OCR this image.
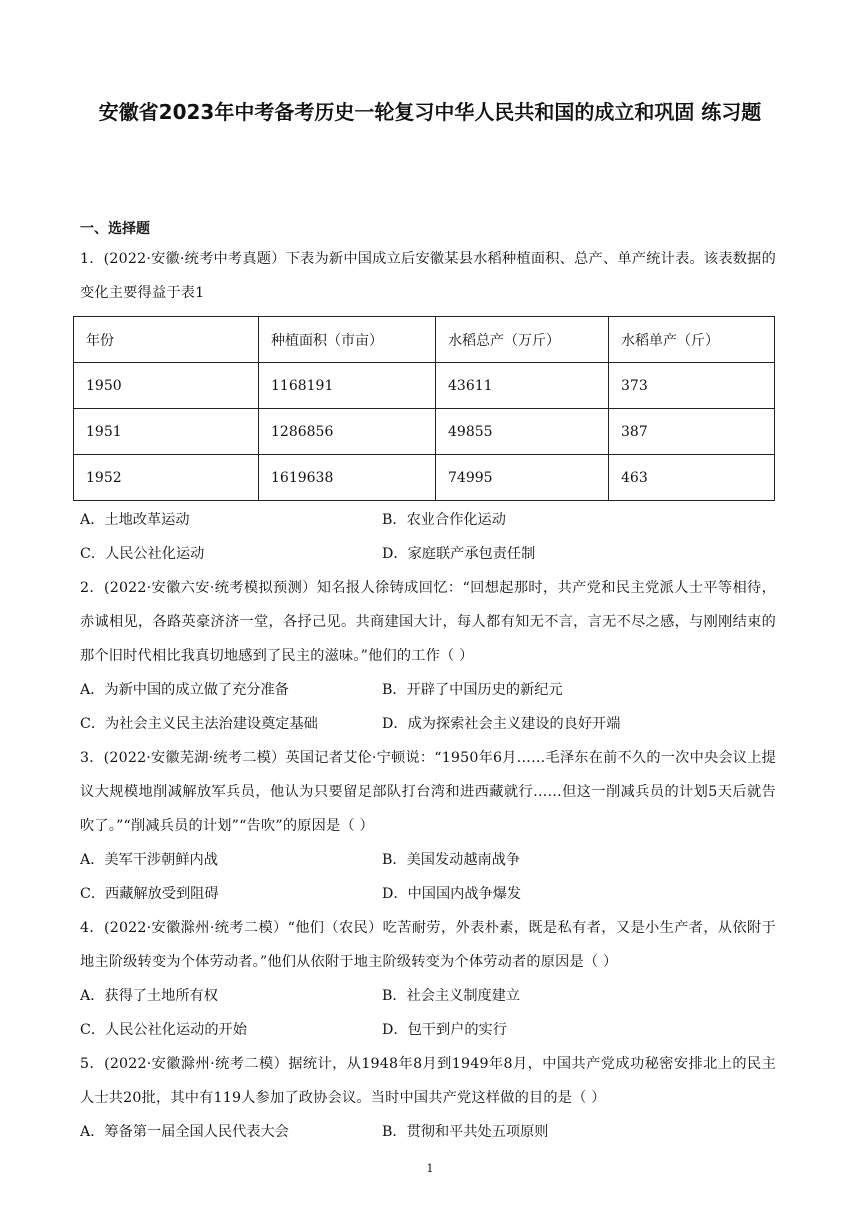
安徽省2023年中考备考历史一轮复习中华人民共和国的成立和巩固 练习题
一、选择题

1．(2022·安徽·统考中考真题）下表为新中国成立后安徽某县水稻种植面积、总产、单产统计表。该表数据的变化主要得益于表1

年份	种植面积（市亩）	水稻总产（万斤）	水稻单产（斤）
1950	1168191	43611	373
1951	1286856	49855	387
1952	1619638	74995	463
A．土地改革运动	B．农业合作化运动
C．人民公社化运动	D．家庭联产承包责任制

2．(2022·安徽六安·统考模拟预测）知名报人徐铸成回忆：“回想起那时，共产党和民主党派人士平等相待，赤诚相见，各路英豪济济一堂，各抒己见。共商建国大计，每人都有知无不言，言无不尽之感，与刚刚结束的那个旧时代相比我真切地感到了民主的滋味。”他们的工作（ ）

A．为新中国的成立做了充分准备	B．开辟了中国历史的新纪元
C．为社会主义民主法治建设奠定基础	D．成为探索社会主义建设的良好开端

3．(2022·安徽芜湖·统考二模）英国记者艾伦·宁顿说：“1950年6月……毛泽东在前不久的一次中央会议上提议大规模地削减解放军兵员，他认为只要留足部队打台湾和进西藏就行……但这一削减兵员的计划5天后就告吹了。”“削减兵员的计划”“告吹”的原因是（ ）

A．美军干涉朝鲜内战	B．美国发动越南战争
C．西藏解放受到阻碍	D．中国国内战争爆发

4．(2022·安徽滁州·统考二模）“他们（农民）吃苦耐劳，外表朴素，既是私有者，又是小生产者，从依附于地主阶级转变为个体劳动者。”他们从依附于地主阶级转变为个体劳动者的原因是（ ）

A．获得了土地所有权	B．社会主义制度建立
C．人民公社化运动的开始	D．包干到户的实行

5．(2022·安徽滁州·统考二模）据统计，从1948年8月到1949年8月，中国共产党成功秘密安排北上的民主人士共20批，其中有119人参加了政协会议。当时中国共产党这样做的目的是（ ）

A．筹备第一届全国人民代表大会	B．贯彻和平共处五项原则
1
